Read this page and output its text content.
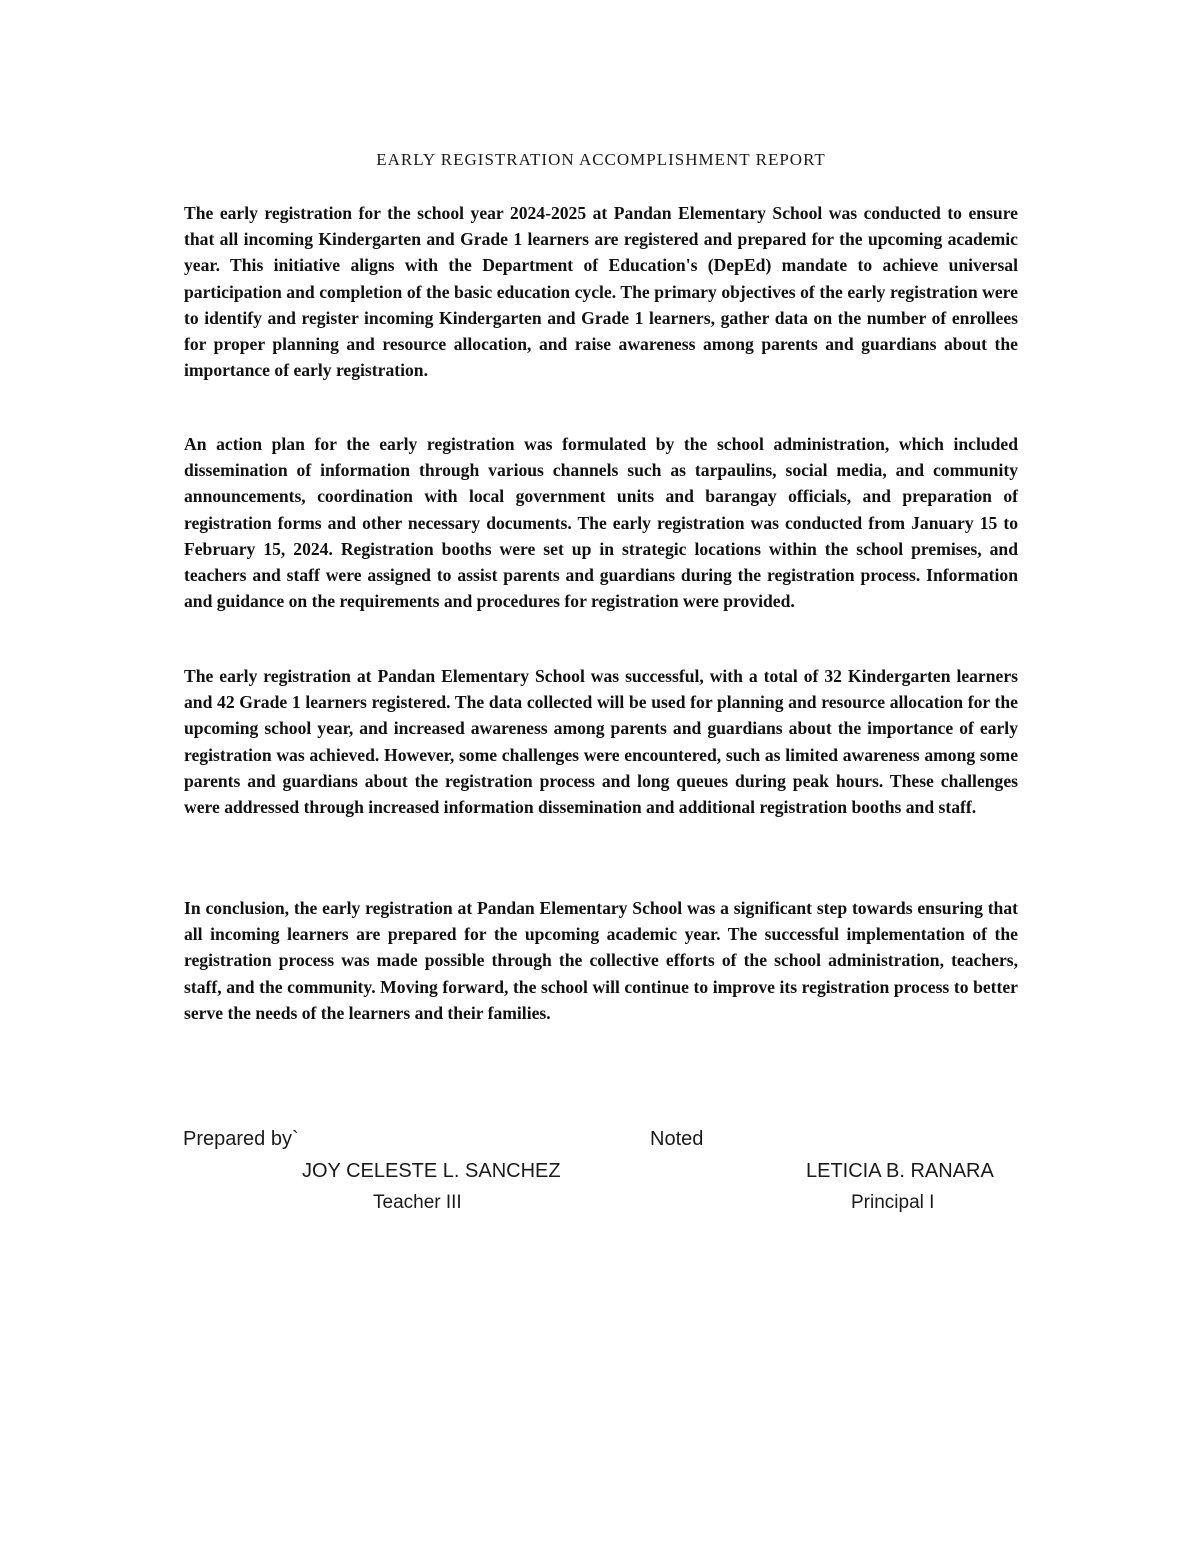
EARLY REGISTRATION ACCOMPLISHMENT REPORT

The early registration for the school year 2024-2025 at Pandan Elementary School was conducted to ensure that all incoming Kindergarten and Grade 1 learners are registered and prepared for the upcoming academic year. This initiative aligns with the Department of Education's (DepEd) mandate to achieve universal participation and completion of the basic education cycle. The primary objectives of the early registration were to identify and register incoming Kindergarten and Grade 1 learners, gather data on the number of enrollees for proper planning and resource allocation, and raise awareness among parents and guardians about the importance of early registration.

An action plan for the early registration was formulated by the school administration, which included dissemination of information through various channels such as tarpaulins, social media, and community announcements, coordination with local government units and barangay officials, and preparation of registration forms and other necessary documents. The early registration was conducted from January 15 to February 15, 2024. Registration booths were set up in strategic locations within the school premises, and teachers and staff were assigned to assist parents and guardians during the registration process. Information and guidance on the requirements and procedures for registration were provided.

The early registration at Pandan Elementary School was successful, with a total of 32 Kindergarten learners and 42 Grade 1 learners registered. The data collected will be used for planning and resource allocation for the upcoming school year, and increased awareness among parents and guardians about the importance of early registration was achieved. However, some challenges were encountered, such as limited awareness among some parents and guardians about the registration process and long queues during peak hours. These challenges were addressed through increased information dissemination and additional registration booths and staff.

In conclusion, the early registration at Pandan Elementary School was a significant step towards ensuring that all incoming learners are prepared for the upcoming academic year. The successful implementation of the registration process was made possible through the collective efforts of the school administration, teachers, staff, and the community. Moving forward, the school will continue to improve its registration process to better serve the needs of the learners and their families.

Prepared by`	Noted
JOY CELESTE L. SANCHEZ
Teacher III
LETICIA B. RANARA
Principal I
